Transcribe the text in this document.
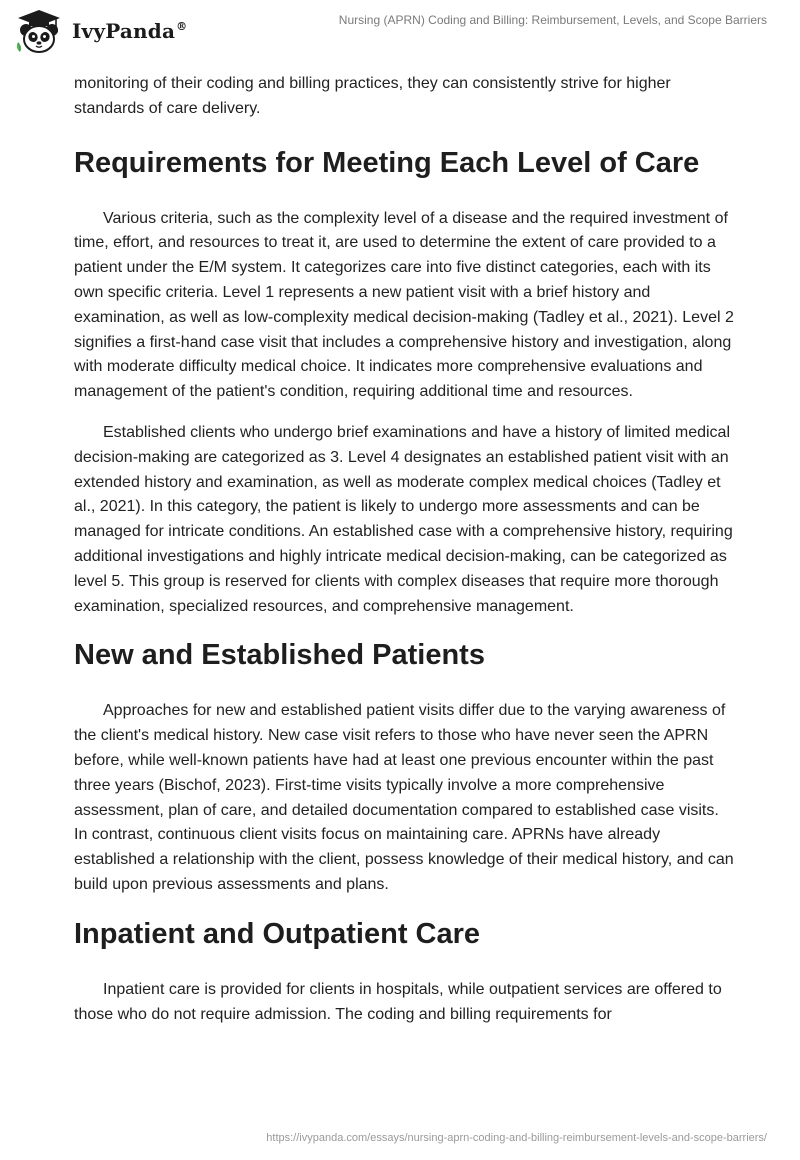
IvyPanda®	Nursing (APRN) Coding and Billing: Reimbursement, Levels, and Scope Barriers

monitoring of their coding and billing practices, they can consistently strive for higher standards of care delivery.

Requirements for Meeting Each Level of Care

Various criteria, such as the complexity level of a disease and the required investment of time, effort, and resources to treat it, are used to determine the extent of care provided to a patient under the E/M system. It categorizes care into five distinct categories, each with its own specific criteria. Level 1 represents a new patient visit with a brief history and examination, as well as low-complexity medical decision-making (Tadley et al., 2021). Level 2 signifies a first-hand case visit that includes a comprehensive history and investigation, along with moderate difficulty medical choice. It indicates more comprehensive evaluations and management of the patient's condition, requiring additional time and resources.

Established clients who undergo brief examinations and have a history of limited medical decision-making are categorized as 3. Level 4 designates an established patient visit with an extended history and examination, as well as moderate complex medical choices (Tadley et al., 2021). In this category, the patient is likely to undergo more assessments and can be managed for intricate conditions. An established case with a comprehensive history, requiring additional investigations and highly intricate medical decision-making, can be categorized as level 5. This group is reserved for clients with complex diseases that require more thorough examination, specialized resources, and comprehensive management.

New and Established Patients

Approaches for new and established patient visits differ due to the varying awareness of the client's medical history. New case visit refers to those who have never seen the APRN before, while well-known patients have had at least one previous encounter within the past three years (Bischof, 2023). First-time visits typically involve a more comprehensive assessment, plan of care, and detailed documentation compared to established case visits. In contrast, continuous client visits focus on maintaining care. APRNs have already established a relationship with the client, possess knowledge of their medical history, and can build upon previous assessments and plans.

Inpatient and Outpatient Care

Inpatient care is provided for clients in hospitals, while outpatient services are offered to those who do not require admission. The coding and billing requirements for

https://ivypanda.com/essays/nursing-aprn-coding-and-billing-reimbursement-levels-and-scope-barriers/
